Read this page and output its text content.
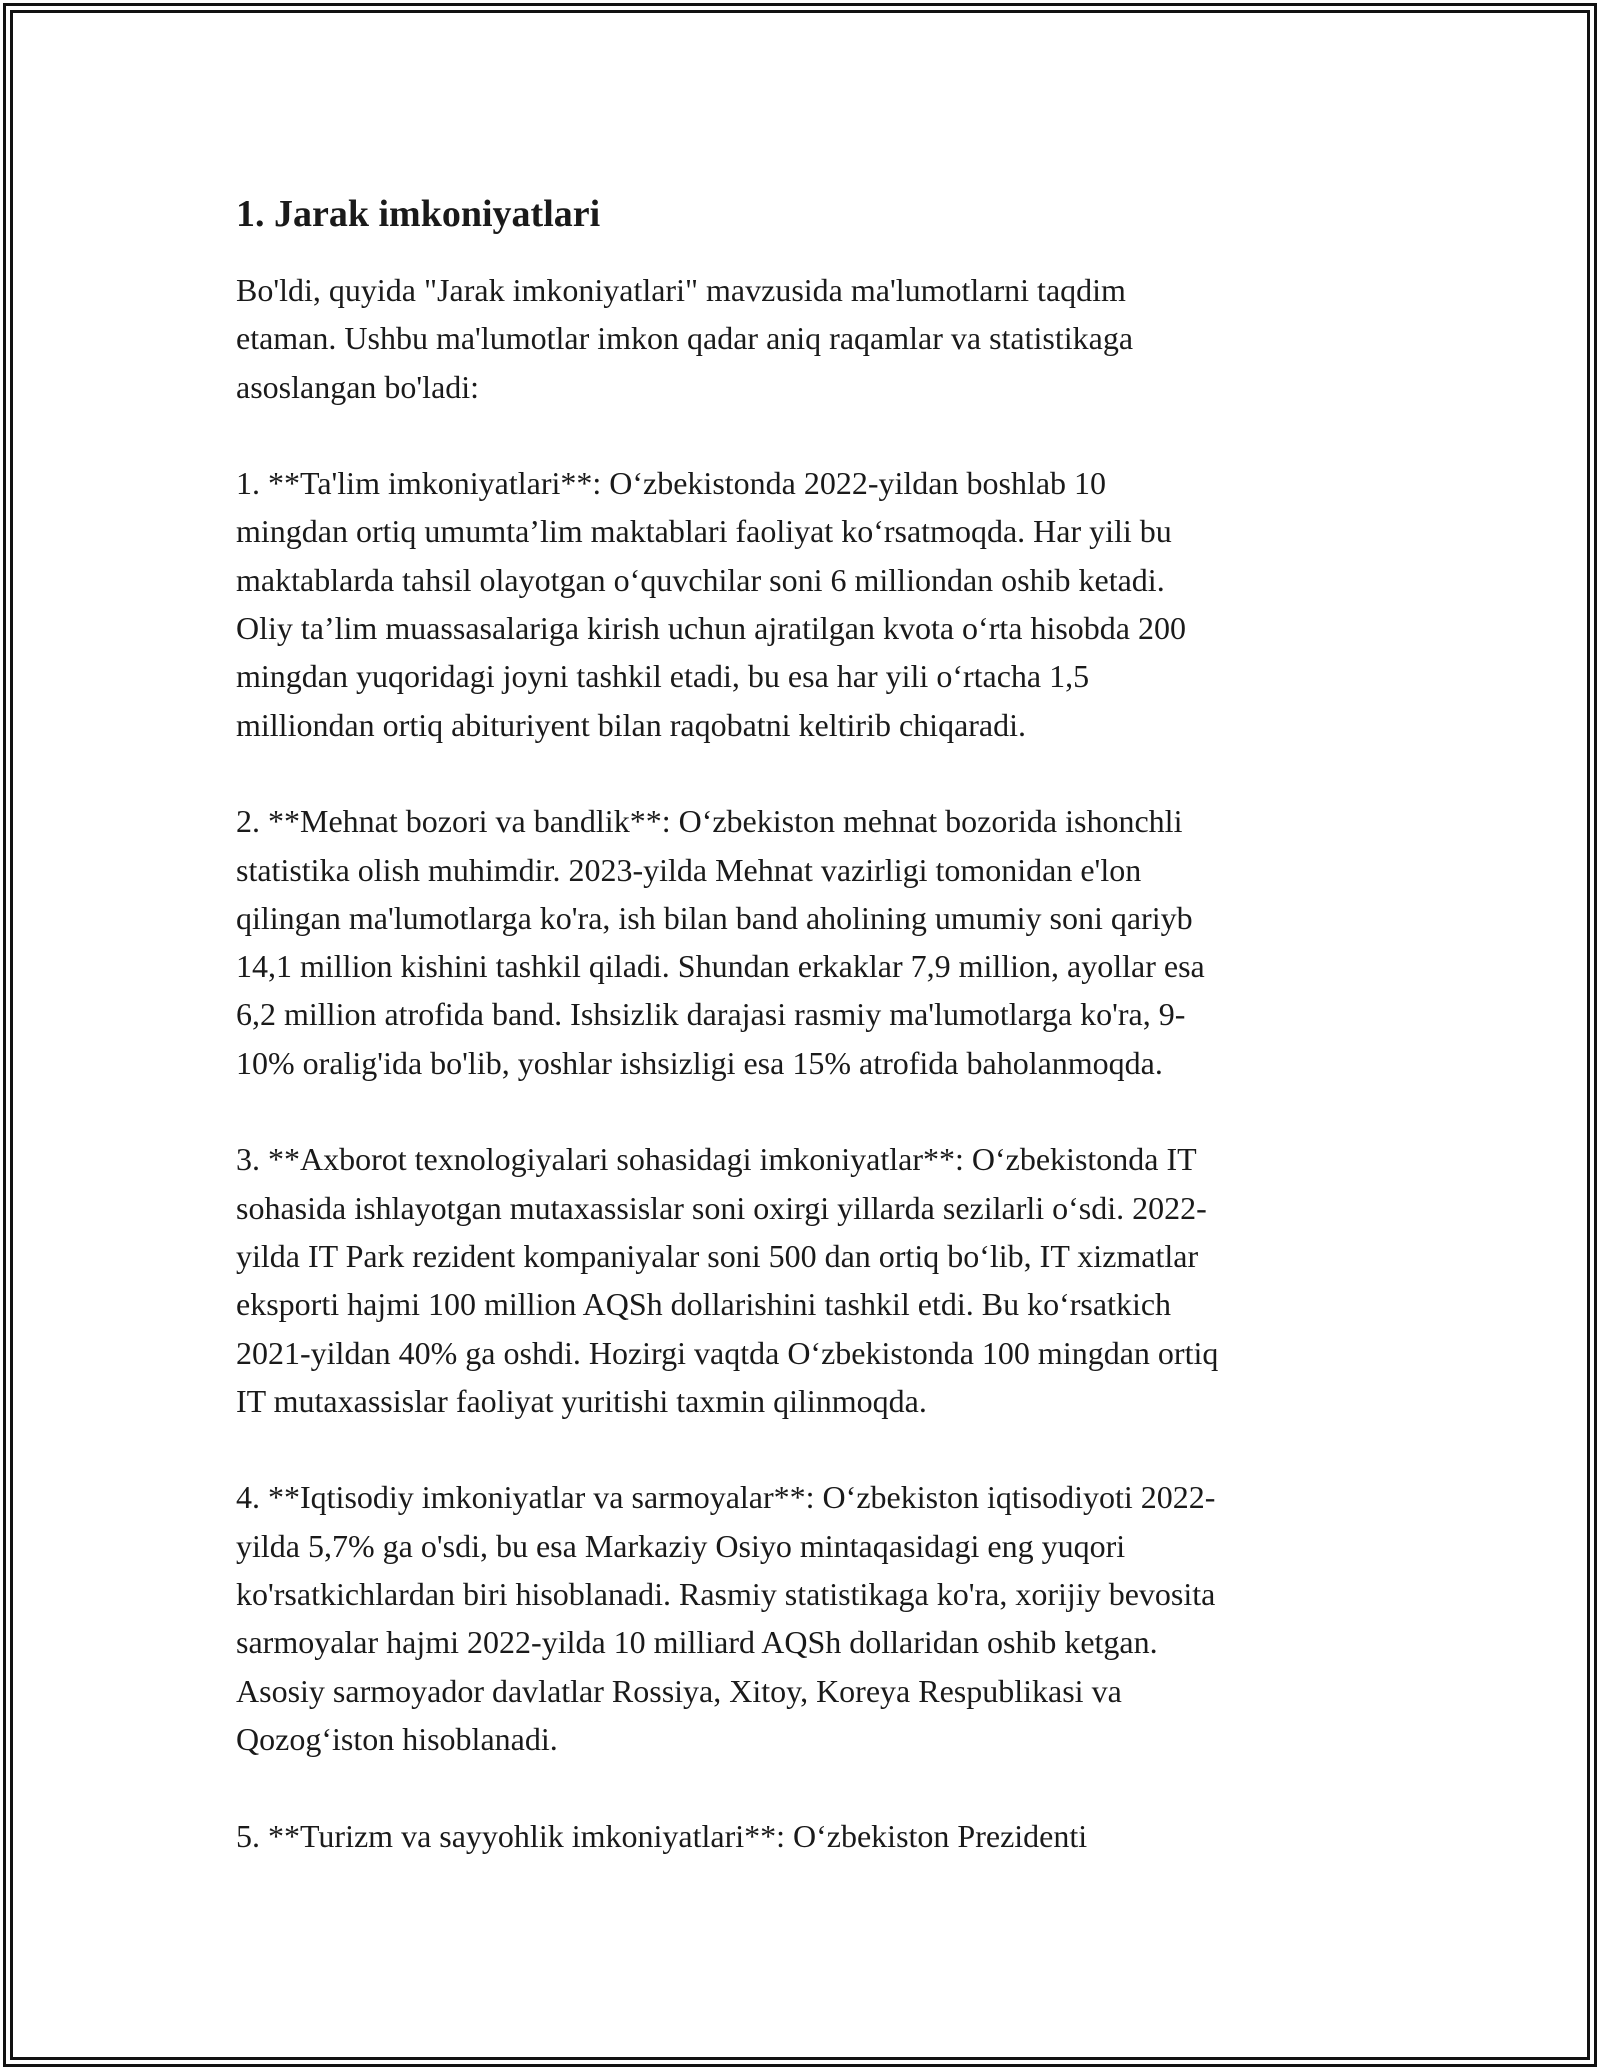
1. Jarak imkoniyatlari

Bo'ldi, quyida "Jarak imkoniyatlari" mavzusida ma'lumotlarni taqdim
etaman. Ushbu ma'lumotlar imkon qadar aniq raqamlar va statistikaga
asoslangan bo'ladi:

1. **Ta'lim imkoniyatlari**: O‘zbekistonda 2022-yildan boshlab 10
mingdan ortiq umumta’lim maktablari faoliyat ko‘rsatmoqda. Har yili bu
maktablarda tahsil olayotgan o‘quvchilar soni 6 milliondan oshib ketadi.
Oliy ta’lim muassasalariga kirish uchun ajratilgan kvota o‘rta hisobda 200
mingdan yuqoridagi joyni tashkil etadi, bu esa har yili o‘rtacha 1,5
milliondan ortiq abituriyent bilan raqobatni keltirib chiqaradi.

2. **Mehnat bozori va bandlik**: O‘zbekiston mehnat bozorida ishonchli
statistika olish muhimdir. 2023-yilda Mehnat vazirligi tomonidan e'lon
qilingan ma'lumotlarga ko'ra, ish bilan band aholining umumiy soni qariyb
14,1 million kishini tashkil qiladi. Shundan erkaklar 7,9 million, ayollar esa
6,2 million atrofida band. Ishsizlik darajasi rasmiy ma'lumotlarga ko'ra, 9-
10% oralig'ida bo'lib, yoshlar ishsizligi esa 15% atrofida baholanmoqda.

3. **Axborot texnologiyalari sohasidagi imkoniyatlar**: O‘zbekistonda IT
sohasida ishlayotgan mutaxassislar soni oxirgi yillarda sezilarli o‘sdi. 2022-
yilda IT Park rezident kompaniyalar soni 500 dan ortiq bo‘lib, IT xizmatlar
eksporti hajmi 100 million AQSh dollarishini tashkil etdi. Bu ko‘rsatkich
2021-yildan 40% ga oshdi. Hozirgi vaqtda O‘zbekistonda 100 mingdan ortiq
IT mutaxassislar faoliyat yuritishi taxmin qilinmoqda.

4. **Iqtisodiy imkoniyatlar va sarmoyalar**: O‘zbekiston iqtisodiyoti 2022-
yilda 5,7% ga o'sdi, bu esa Markaziy Osiyo mintaqasidagi eng yuqori
ko'rsatkichlardan biri hisoblanadi. Rasmiy statistikaga ko'ra, xorijiy bevosita
sarmoyalar hajmi 2022-yilda 10 milliard AQSh dollaridan oshib ketgan.
Asosiy sarmoyador davlatlar Rossiya, Xitoy, Koreya Respublikasi va
Qozog‘iston hisoblanadi.

5. **Turizm va sayyohlik imkoniyatlari**: O‘zbekiston Prezidenti
